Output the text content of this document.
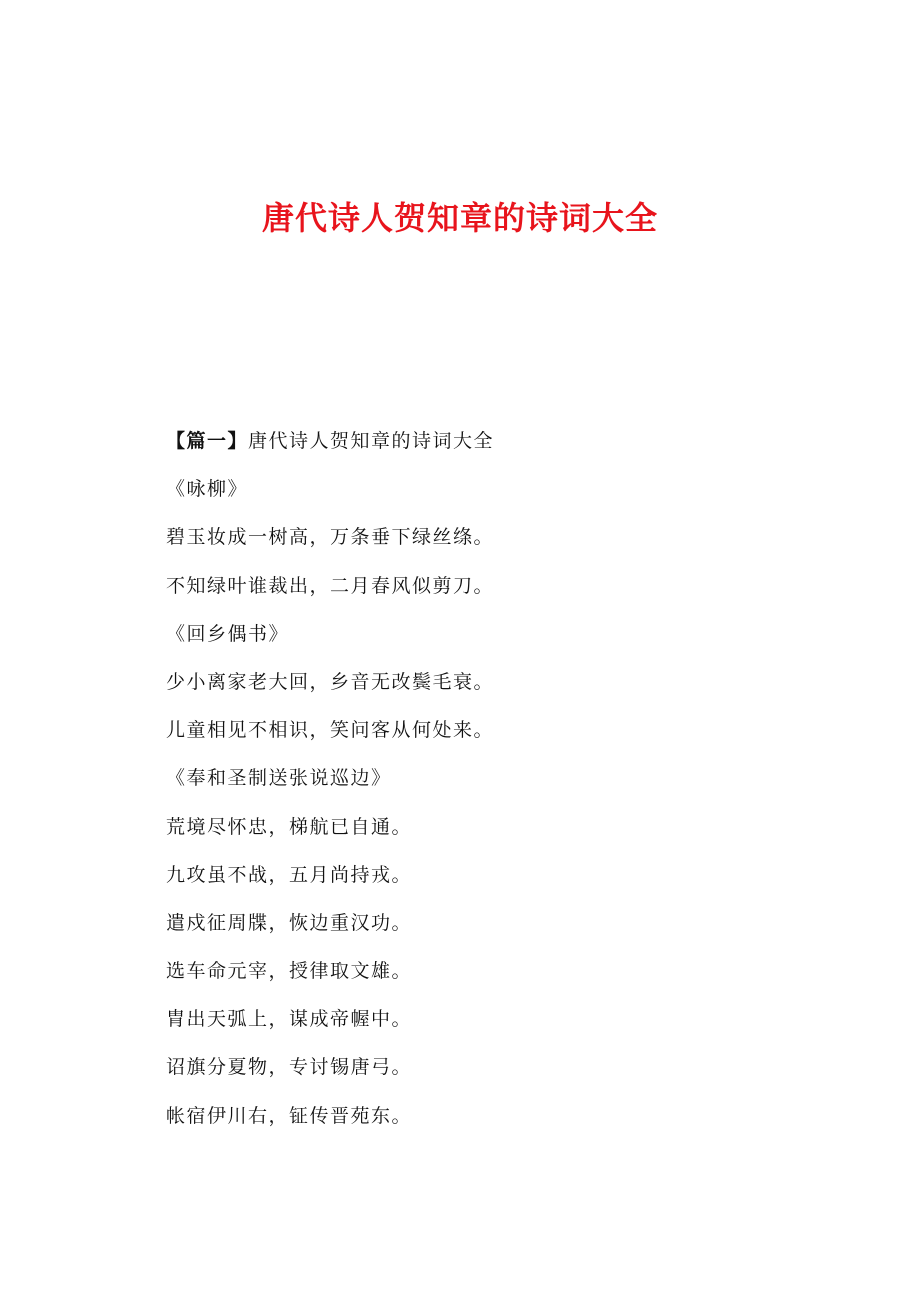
唐代诗人贺知章的诗词大全
【篇一】唐代诗人贺知章的诗词大全
《咏柳》
碧玉妆成一树高，万条垂下绿丝绦。
不知绿叶谁裁出，二月春风似剪刀。
《回乡偶书》
少小离家老大回，乡音无改鬓毛衰。
儿童相见不相识，笑问客从何处来。
《奉和圣制送张说巡边》
荒境尽怀忠，梯航已自通。
九攻虽不战，五月尚持戎。
遣戍征周牒，恢边重汉功。
选车命元宰，授律取文雄。
胄出天弧上，谋成帝幄中。
诏旗分夏物，专讨锡唐弓。
帐宿伊川右，钲传晋苑东。
